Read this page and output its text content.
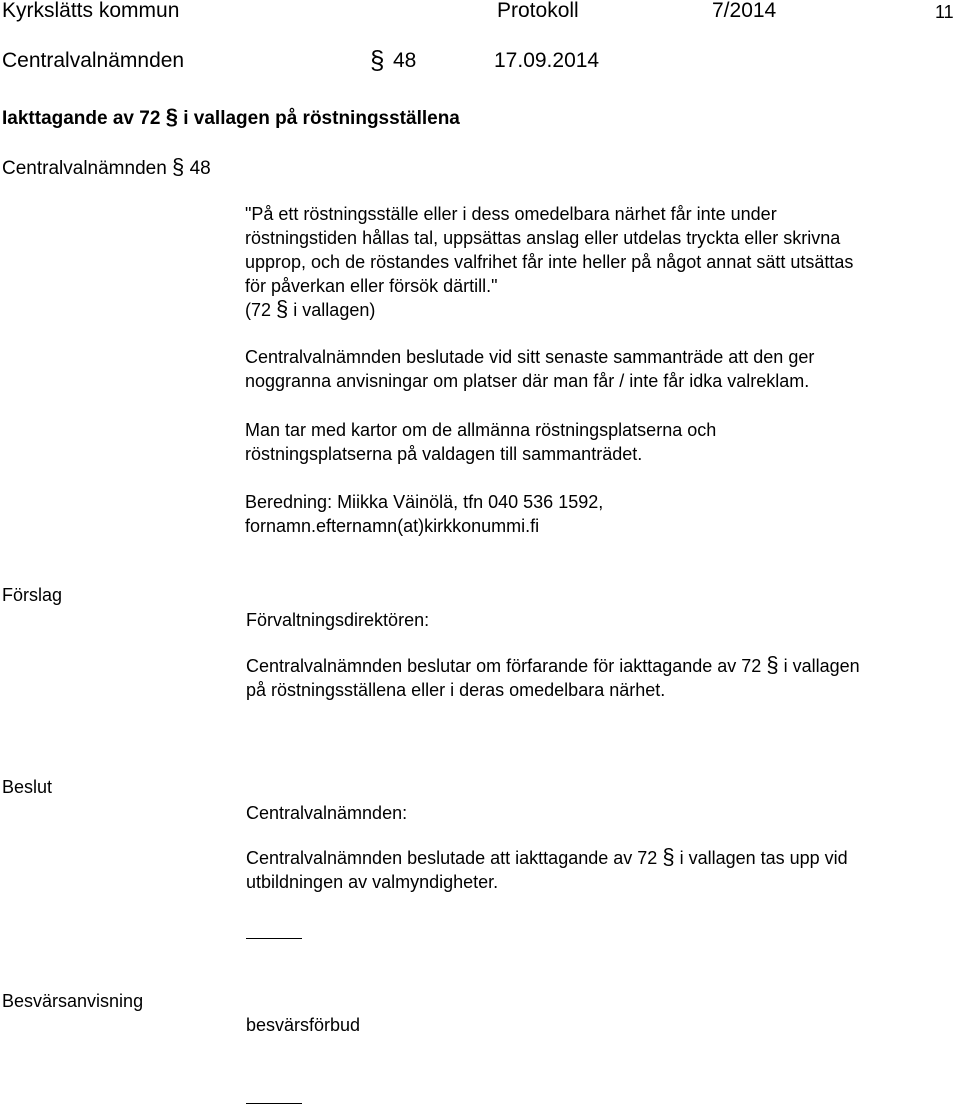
Kyrkslätts kommun	Protokoll	7/2014	11
Centralvalnämnden	§ 48	17.09.2014
Iakttagande av 72 § i vallagen på röstningsställena
Centralvalnämnden § 48
"På ett röstningsställe eller i dess omedelbara närhet får inte under
röstningstiden hållas tal, uppsättas anslag eller utdelas tryckta eller skrivna
upprop, och de röstandes valfrihet får inte heller på något annat sätt utsättas
för påverkan eller försök därtill."
(72 § i vallagen)
Centralvalnämnden beslutade vid sitt senaste sammanträde att den ger
noggranna anvisningar om platser där man får / inte får idka valreklam.
Man tar med kartor om de allmänna röstningsplatserna och
röstningsplatserna på valdagen till sammanträdet.
Beredning: Miikka Väinölä, tfn 040 536 1592,
fornamn.efternamn(at)kirkkonummi.fi
Förslag
Förvaltningsdirektören:
Centralvalnämnden beslutar om förfarande för iakttagande av 72 § i vallagen
på röstningsställena eller i deras omedelbara närhet.
Beslut
Centralvalnämnden:
Centralvalnämnden beslutade att iakttagande av 72 § i vallagen tas upp vid
utbildningen av valmyndigheter.
Besvärsanvisning
besvärsförbud
